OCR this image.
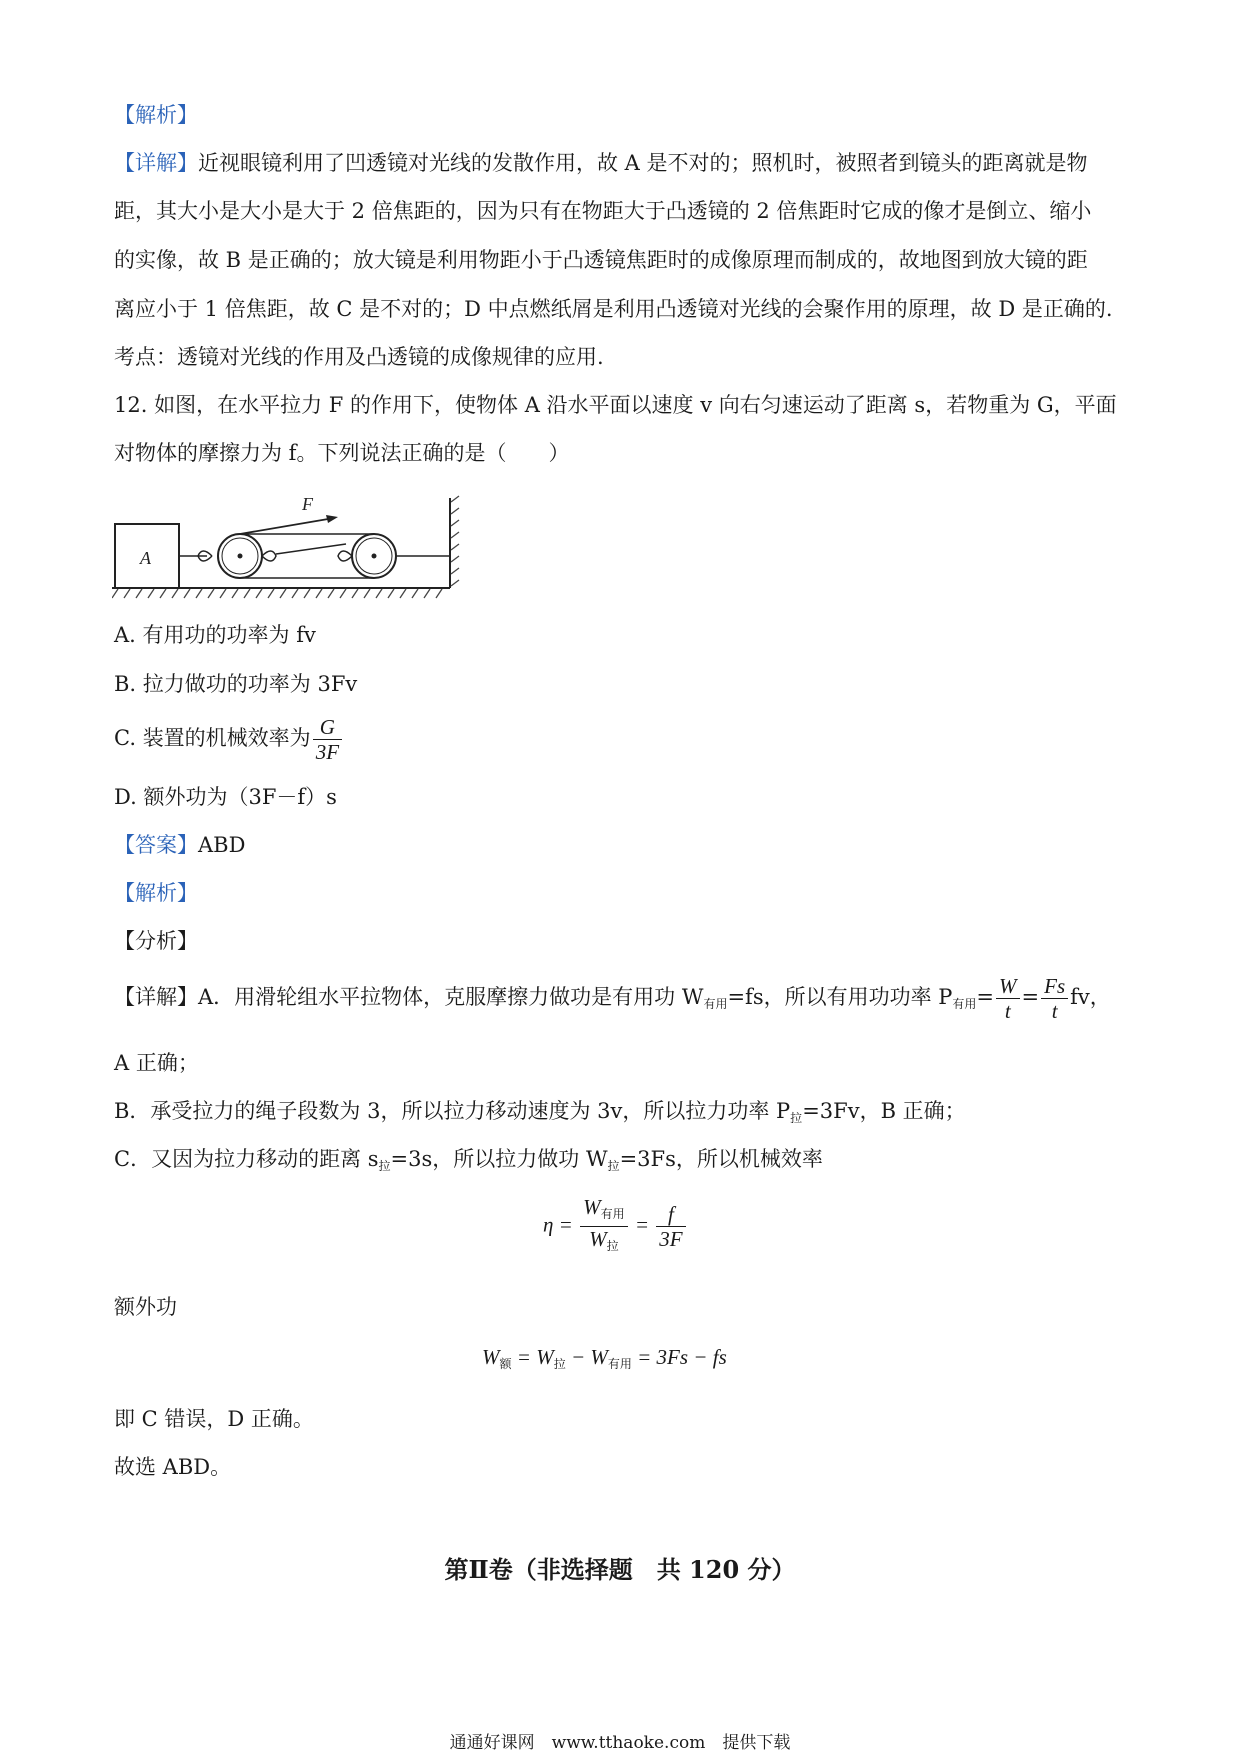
【解析】
【详解】近视眼镜利用了凹透镜对光线的发散作用，故 A 是不对的；照机时，被照者到镜头的距离就是物
距，其大小是大小是大于 2 倍焦距的，因为只有在物距大于凸透镜的 2 倍焦距时它成的像才是倒立、缩小
的实像，故 B 是正确的；放大镜是利用物距小于凸透镜焦距时的成像原理而制成的，故地图到放大镜的距
离应小于 1 倍焦距，故 C 是不对的；D 中点燃纸屑是利用凸透镜对光线的会聚作用的原理，故 D 是正确的.
考点：透镜对光线的作用及凸透镜的成像规律的应用.
12. 如图，在水平拉力 F 的作用下，使物体 A 沿水平面以速度 v 向右匀速运动了距离 s，若物重为 G，平面
对物体的摩擦力为 f。下列说法正确的是（　　）
A
F
A. 有用功的功率为 fv
B. 拉力做功的功率为 3Fv
C. 装置的机械效率为 $\frac{G}{3F}$
D. 额外功为（3F－f）s
【答案】ABD
【解析】
【分析】
【详解】A．用滑轮组水平拉物体，克服摩擦力做功是有用功 $W_{有用}=fs$，所以有用功功率 $P_{有用}= \frac{W}{t} = \frac{Fs}{t}$ fv，
A 正确；
B．承受拉力的绳子段数为 3，所以拉力移动速度为 3v，所以拉力功率 $P_拉=3Fv$，B 正确；
C．又因为拉力移动的距离 $s_拉=3s$，所以拉力做功 $W_拉=3Fs$，所以机械效率
$\eta = \frac{W_{有用}}{W_拉} = \frac{f}{3F}$
额外功
$W_额 = W_拉 - W_{有用} = 3Fs$ − fs
即 C 错误，D 正确。
故选 ABD。
第Ⅱ卷（非选择题　共 120 分）
通通好课网　www.tthaoke.com　提供下载
